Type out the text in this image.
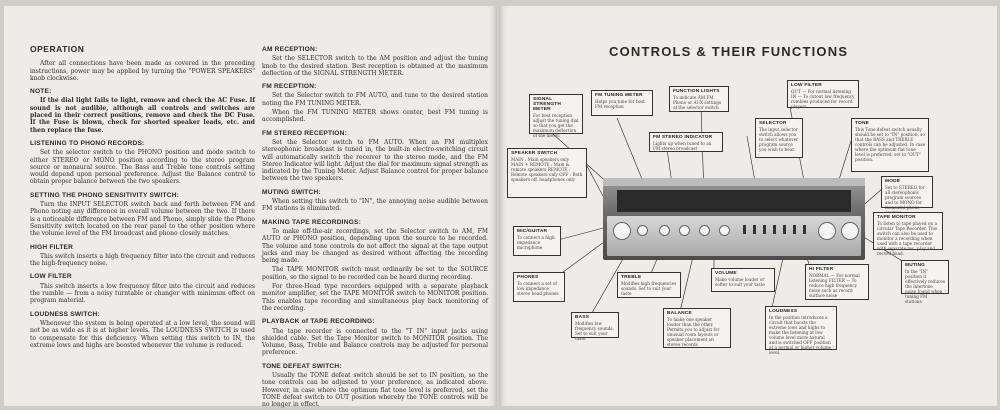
OPERATION

After all connections have been made as covered in the preceding instructions, power may be applied by turning the "POWER SPEAKERS" knob clockwise.

NOTE:

If the dial light fails to light, remove and check the AC Fuse. If sound is not audible, although all controls and switches are placed in their correct positions, remove and check the DC Fuse. If the Fuse is blown, check for shorted speaker leads, etc. and then replace the fuse.

LISTENING TO PHONO RECORDS:

Set the selector switch to the PHONO position and mode switch to either STEREO or MONO position according to the stereo program source or monaural source. The Bass and Treble tone controls setting would depend upon personal preference. Adjust the Balance control to obtain proper balance between the two speakers.

SETTING THE PHONO SENSITIVITY SWITCH:

Turn the INPUT SELECTOR switch back and forth between FM and Phono noting any difference in overall volume between the two. If there is a noticeable difference between FM and Phono, simply slide the Phono Sensitivity switch located on the rear panel to the other position where the volume level of the FM broadcast and phono closely matches.

HIGH FILTER

This switch inserts a high frequency filter into the circuit and reduces the high-frequency noise.

LOW FILTER

This switch inserts a low frequency filter into the circuit and reduces the rumble — from a noisy turntable or changer with minimum effect on program material.

LOUDNESS SWITCH:

Whenever the system is being operated at a low level, the sound will not be as wide as it is at higher levels. The LOUDNESS SWITCH is used to compensate for this deficiency. When setting this switch to IN, the extreme lows and highs are boosted whenever the volume is reduced.

AM RECEPTION:

Set the SELECTOR switch to the AM position and adjust the tuning knob to the desired station. Best reception is obtained at the maximum deflection of the SIGNAL STRENGTH METER.

FM RECEPTION:

Set the Selector switch to FM AUTO, and tune to the desired station noting the FM TUNING METER.

When the FM TUNING METER shows center, best FM tuning is accomplished.

FM STEREO RECEPTION:

Set the Selector switch to FM AUTO. When an FM multiplex stereophonic broadcast is tuned in, the built-in electro-switching circuit will automatically switch the receiver to the stereo mode, and the FM Stereo Indicator will light. Adjust the dial for maximum signal strength as indicated by the Tuning Meter. Adjust Balance control for proper balance between the two speakers.

MUTING SWITCH:

When setting this switch to "IN", the annoying noise audible between FM stations is eliminated.

MAKING TAPE RECORDINGS:

To make off-the-air recordings, set the Selector switch to AM, FM AUTO or PHONO position, depending upon the source to be recorded. The volume and tone controls do not affect the signal at the tape output jacks and may be changed as desired without affecting the recording being made.

The TAPE MONITOR switch must ordinarily be set to the SOURCE position, so the signal to be recorded can be heard during recording.

For three-Head type recorders equipped with a separate playback monitor amplifier, set the TAPE MONITOR switch to MONITOR position. This enables tape recording and simultaneous play back monitoring of the recording.

PLAYBACK of TAPE RECORDING:

The tape recorder is connected to the "T IN" input jacks using shielded cable. Set the Tape Monitor switch to MONITOR position. The Volume, Bass, Treble and Balance controls may be adjusted for personal preference.

TONE DEFEAT SWITCH:

Usually the TONE defeat switch should be set to IN position, so the tone controls can be adjusted to your preference, as indicated above. However, in case where the optimum flat tone level is preferred, set the TONE defeat switch to OUT position whereby the TONE controls will be no longer in effect.

CONTROLS & THEIR FUNCTIONS
SIGNAL STRENGTH METER
For best reception adjust the tuning dial so that you get the maximum deflection of the meter.
FM TUNING METER
Helps you tune for best FM reception
FUNCTION LIGHTS
To indicate AM FM Phono or AUX settings of the selector switch
FM STEREO INDICATOR
Lights up when tuned to an FM stereo broadcast
LOW FILTER
OUT — For normal listening IN — To cutout low frequency rumbles produced for record players
SELECTOR
The input selector switch allows you to select whatever program source you wish to hear.
TONE
This Tone defeat switch usually should be set to "IN" position, so that the BASS and TREBLE controls can be adjusted. In case where the optimum flat tone level is preferred, set to "OUT" position.
SPEAKER SWITCH
MAIN : Main speakers only MAIN + REMOTE : Main & remote speakers REMOTE : Remote speakers only OFF : Both speakers off, headphones only	MODE
Set to STEREO for all stereophonic program sources and to MONO for monaural phono
MIC/GUITAR
To connect a high impedance microphone
TAPE MONITOR
To listen to tape played on a circular Tape Recorder. This switch can also be used to monitor a recording when used with a tape recorder with separate rec. play and record head.
PHONES
To connect a set of low impedance stereo head phones
TREBLE
Modifies high frequencies sounds. Set to suit your taste
VOLUME
Make volume louder or softer to suit your taste
HI FILTER
NORMAL — For normal listening FILTER — To reduce high frequency noise such as record surface noise
MUTING
In the "IN" position it effectively reduces the intertone noise found when tuning FM stations
BASS
Modifies low frequency sounds. Set to suit your taste
BALANCE
To make one speaker louder than the other. Permits you to adjust for unusual room layouts or speaker placement on stereo records
LOUDNESS
In the position introduces a circuit that boosts the extreme lows and highs to make the listening at low volume level more natural and is switched OFF position at a normal or higher volume level.
